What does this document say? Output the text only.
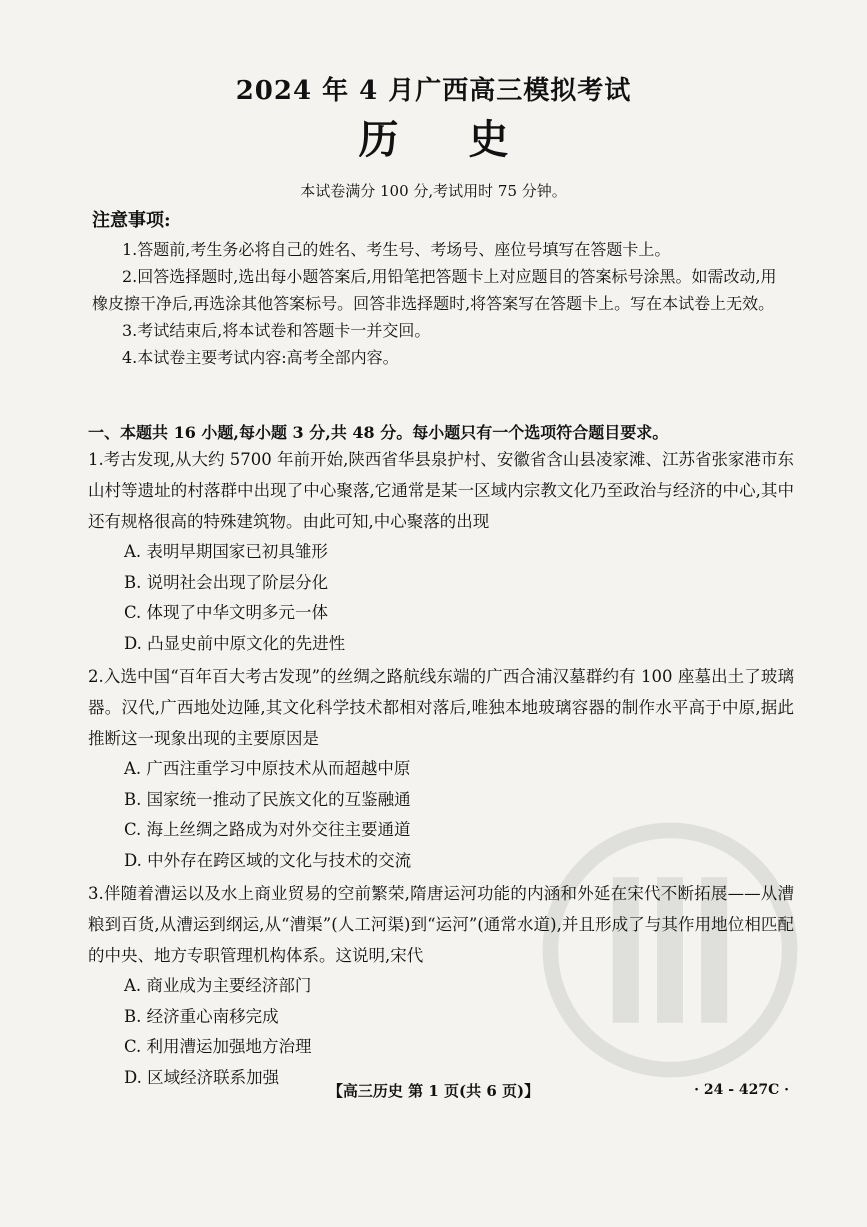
2024 年 4 月广西高三模拟考试
历史
本试卷满分 100 分,考试用时 75 分钟。
注意事项:
1.答题前,考生务必将自己的姓名、考生号、考场号、座位号填写在答题卡上。
2.回答选择题时,选出每小题答案后,用铅笔把答题卡上对应题目的答案标号涂黑。如需改动,用橡皮擦干净后,再选涂其他答案标号。回答非选择题时,将答案写在答题卡上。写在本试卷上无效。
3.考试结束后,将本试卷和答题卡一并交回。
4.本试卷主要考试内容:高考全部内容。
一、本题共 16 小题,每小题 3 分,共 48 分。每小题只有一个选项符合题目要求。
1.考古发现,从大约 5700 年前开始,陕西省华县泉护村、安徽省含山县凌家滩、江苏省张家港市东山村等遗址的村落群中出现了中心聚落,它通常是某一区域内宗教文化乃至政治与经济的中心,其中还有规格很高的特殊建筑物。由此可知,中心聚落的出现
A. 表明早期国家已初具雏形
B. 说明社会出现了阶层分化
C. 体现了中华文明多元一体
D. 凸显史前中原文化的先进性
2.入选中国“百年百大考古发现”的丝绸之路航线东端的广西合浦汉墓群约有 100 座墓出土了玻璃器。汉代,广西地处边陲,其文化科学技术都相对落后,唯独本地玻璃容器的制作水平高于中原,据此推断这一现象出现的主要原因是
A. 广西注重学习中原技术从而超越中原
B. 国家统一推动了民族文化的互鉴融通
C. 海上丝绸之路成为对外交往主要通道
D. 中外存在跨区域的文化与技术的交流
3.伴随着漕运以及水上商业贸易的空前繁荣,隋唐运河功能的内涵和外延在宋代不断拓展——从漕粮到百货,从漕运到纲运,从“漕渠”(人工河渠)到“运河”(通常水道),并且形成了与其作用地位相匹配的中央、地方专职管理机构体系。这说明,宋代
A. 商业成为主要经济部门
B. 经济重心南移完成
C. 利用漕运加强地方治理
D. 区域经济联系加强
【高三历史 第 1 页(共 6 页)】	· 24 - 427C ·
